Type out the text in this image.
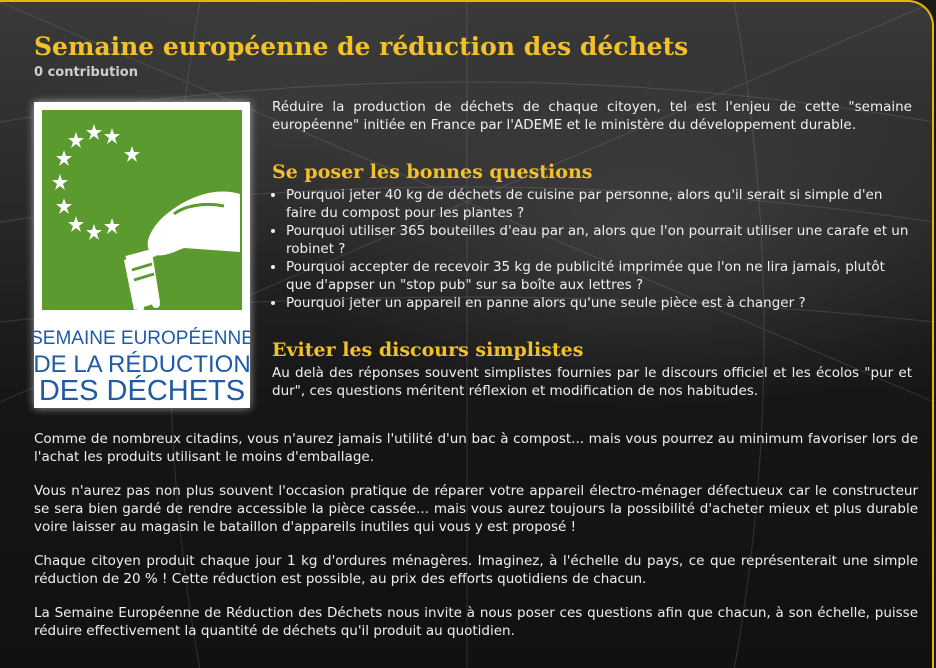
Semaine européenne de réduction des déchets
0 contribution
SEMAINE EUROPÉENNE
DE LA RÉDUCTION
DES DÉCHETS

Réduire la production de déchets de chaque citoyen, tel est l'enjeu de cette "semaine européenne" initiée en France par l'ADEME et le ministère du développement durable.

Se poser les bonnes questions
• Pourquoi jeter 40 kg de déchets de cuisine par personne, alors qu'il serait si simple d'en faire du compost pour les plantes ?
• Pourquoi utiliser 365 bouteilles d'eau par an, alors que l'on pourrait utiliser une carafe et un robinet ?
• Pourquoi accepter de recevoir 35 kg de publicité imprimée que l'on ne lira jamais, plutôt que d'appser un "stop pub" sur sa boîte aux lettres ?
• Pourquoi jeter un appareil en panne alors qu'une seule pièce est à changer ?
Eviter les discours simplistes

Au delà des réponses souvent simplistes fournies par le discours officiel et les écolos "pur et dur", ces questions méritent réflexion et modification de nos habitudes.

Comme de nombreux citadins, vous n'aurez jamais l'utilité d'un bac à compost... mais vous pourrez au minimum favoriser lors de l'achat les produits utilisant le moins d'emballage.

Vous n'aurez pas non plus souvent l'occasion pratique de réparer votre appareil électro-ménager défectueux car le constructeur se sera bien gardé de rendre accessible la pièce cassée... mais vous aurez toujours la possibilité d'acheter mieux et plus durable voire laisser au magasin le bataillon d'appareils inutiles qui vous y est proposé !

Chaque citoyen produit chaque jour 1 kg d'ordures ménagères. Imaginez, à l'échelle du pays, ce que représenterait une simple réduction de 20 % ! Cette réduction est possible, au prix des efforts quotidiens de chacun.

La Semaine Européenne de Réduction des Déchets nous invite à nous poser ces questions afin que chacun, à son échelle, puisse réduire effectivement la quantité de déchets qu'il produit au quotidien.
